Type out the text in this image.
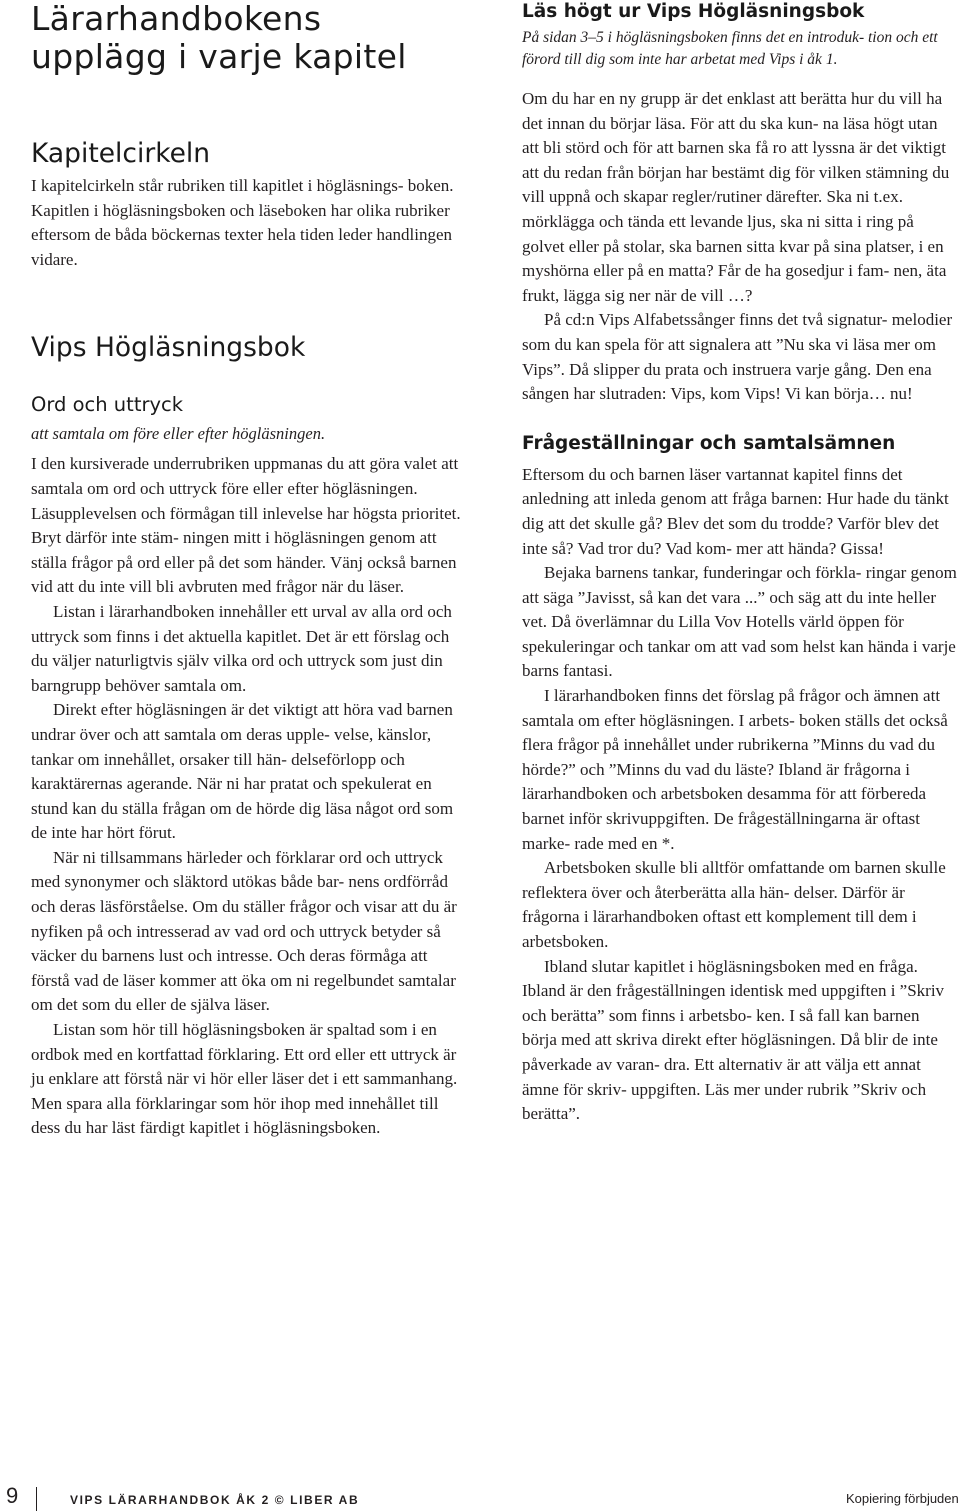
Lärarhandbokens
upplägg i varje kapitel
Kapitelcirkeln

I kapitelcirkeln står rubriken till kapitlet i högläsnings- boken. Kapitlen i högläsningsboken och läseboken har olika rubriker eftersom de båda böckernas texter hela tiden leder handlingen vidare.

Vips Högläsningsbok
Ord och uttryck

att samtala om före eller efter högläsningen.

I den kursiverade underrubriken uppmanas du att göra valet att samtala om ord och uttryck före eller efter högläsningen. Läsupplevelsen och förmågan till inlevelse har högsta prioritet. Bryt därför inte stäm- ningen mitt i högläsningen genom att ställa frågor på ord eller på det som händer. Vänj också barnen vid att du inte vill bli avbruten med frågor när du läser.

Listan i lärarhandboken innehåller ett urval av alla ord och uttryck som finns i det aktuella kapitlet. Det är ett förslag och du väljer naturligtvis själv vilka ord och uttryck som just din barngrupp behöver samtala om.

Direkt efter högläsningen är det viktigt att höra vad barnen undrar över och att samtala om deras upple- velse, känslor, tankar om innehållet, orsaker till hän- delseförlopp och karaktärernas agerande. När ni har pratat och spekulerat en stund kan du ställa frågan om de hörde dig läsa något ord som de inte har hört förut.

När ni tillsammans härleder och förklarar ord och uttryck med synonymer och släktord utökas både bar- nens ordförråd och deras läsförståelse. Om du ställer frågor och visar att du är nyfiken på och intresserad av vad ord och uttryck betyder så väcker du barnens lust och intresse. Och deras förmåga att förstå vad de läser kommer att öka om ni regelbundet samtalar om det som du eller de själva läser.

Listan som hör till högläsningsboken är spaltad som i en ordbok med en kortfattad förklaring. Ett ord eller ett uttryck är ju enklare att förstå när vi hör eller läser det i ett sammanhang. Men spara alla förklaringar som hör ihop med innehållet till dess du har läst färdigt kapitlet i högläsningsboken.

Läs högt ur Vips Högläsningsbok

På sidan 3–5 i högläsningsboken finns det en introduk- tion och ett förord till dig som inte har arbetat med Vips i åk 1.

Om du har en ny grupp är det enklast att berätta hur du vill ha det innan du börjar läsa. För att du ska kun- na läsa högt utan att bli störd och för att barnen ska få ro att lyssna är det viktigt att du redan från början har bestämt dig för vilken stämning du vill uppnå och skapar regler/rutiner därefter. Ska ni t.ex. mörklägga och tända ett levande ljus, ska ni sitta i ring på golvet eller på stolar, ska barnen sitta kvar på sina platser, i en myshörna eller på en matta? Får de ha gosedjur i fam- nen, äta frukt, lägga sig ner när de vill …?

På cd:n Vips Alfabetssånger finns det två signatur- melodier som du kan spela för att signalera att ”Nu ska vi läsa mer om Vips”. Då slipper du prata och instruera varje gång. Den ena sången har slutraden: Vips, kom Vips! Vi kan börja… nu!

Frågeställningar och samtalsämnen

Eftersom du och barnen läser vartannat kapitel finns det anledning att inleda genom att fråga barnen: Hur hade du tänkt dig att det skulle gå? Blev det som du trodde? Varför blev det inte så? Vad tror du? Vad kom- mer att hända? Gissa!

Bejaka barnens tankar, funderingar och förkla- ringar genom att säga ”Javisst, så kan det vara ...” och säg att du inte heller vet. Då överlämnar du Lilla Vov Hotells värld öppen för spekuleringar och tankar om att vad som helst kan hända i varje barns fantasi.

I lärarhandboken finns det förslag på frågor och ämnen att samtala om efter högläsningen. I arbets- boken ställs det också flera frågor på innehållet under rubrikerna ”Minns du vad du hörde?” och ”Minns du vad du läste? Ibland är frågorna i lärarhandboken och arbetsboken desamma för att förbereda barnet inför skrivuppgiften. De frågeställningarna är oftast marke- rade med en *.

Arbetsboken skulle bli alltför omfattande om barnen skulle reflektera över och återberätta alla hän- delser. Därför är frågorna i lärarhandboken oftast ett komplement till dem i arbetsboken.

Ibland slutar kapitlet i högläsningsboken med en fråga. Ibland är den frågeställningen identisk med uppgiften i ”Skriv och berätta” som finns i arbetsbo- ken. I så fall kan barnen börja med att skriva direkt efter högläsningen. Då blir de inte påverkade av varan- dra. Ett alternativ är att välja ett annat ämne för skriv- uppgiften. Läs mer under rubrik ”Skriv och berätta”.

9	VIPS LÄRARHANDBOK ÅK 2 © LIBER AB	Kopiering förbjuden
